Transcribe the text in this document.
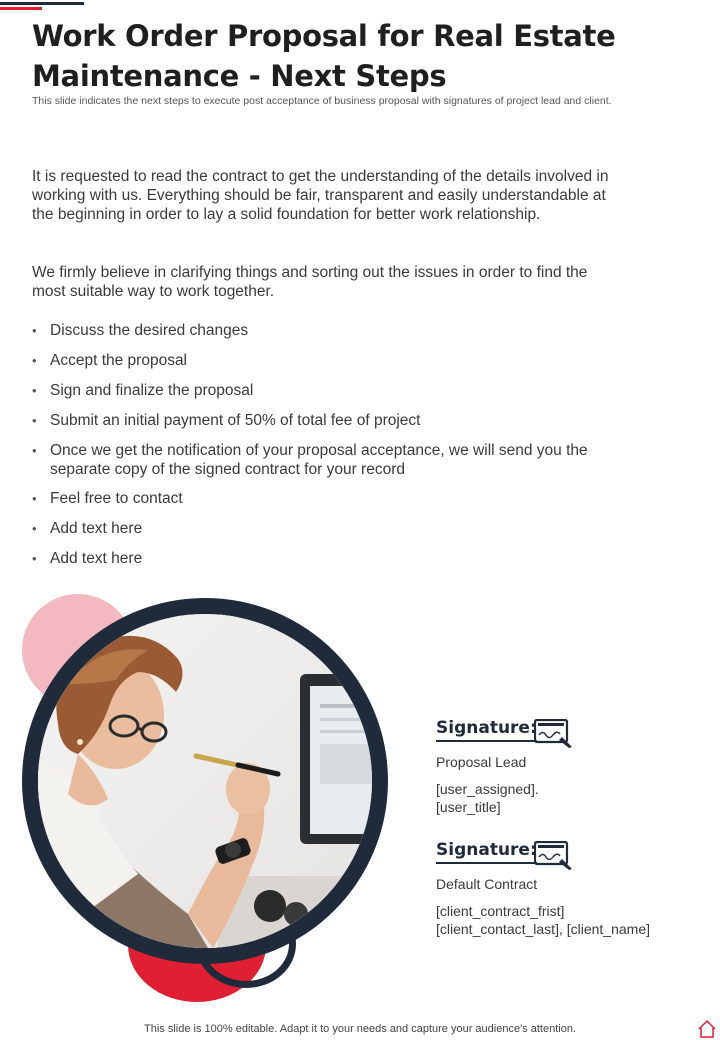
Work Order Proposal for Real Estate Maintenance - Next Steps

This slide indicates the next steps to execute post acceptance of business proposal with signatures of project lead and client.

It is requested to read the contract to get the understanding of the details involved in working with us. Everything should be fair, transparent and easily understandable at the beginning in order to lay a solid foundation for better work relationship.

We firmly believe in clarifying things and sorting out the issues in order to find the most suitable way to work together.

• Discuss the desired changes
• Accept the proposal
• Sign and finalize the proposal
• Submit an initial payment of 50% of total fee of project
• Once we get the notification of your proposal acceptance, we will send you the separate copy of the signed contract for your record
• Feel free to contact
• Add text here
• Add text here
Signature:
Proposal Lead
[user_assigned].
[user_title]
Signature:
Default Contract
[client_contract_frist]
[client_contact_last], [client_name]
This slide is 100% editable. Adapt it to your needs and capture your audience's attention.
